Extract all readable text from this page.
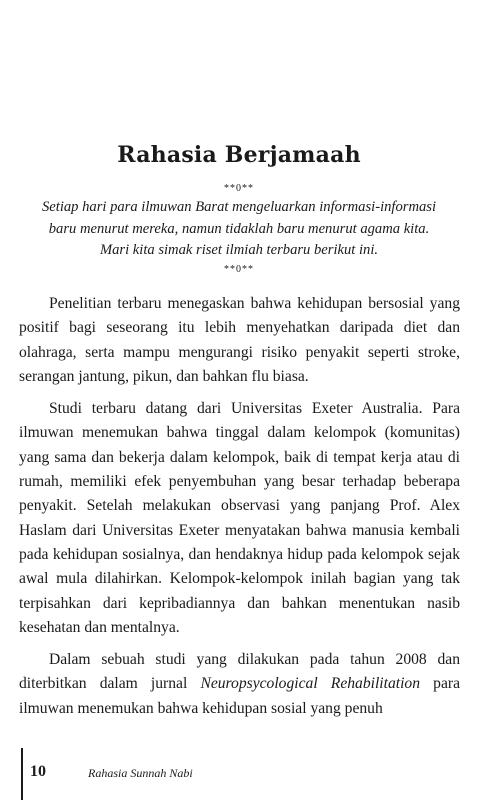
Rahasia Berjamaah
**0**
Setiap hari para ilmuwan Barat mengeluarkan informasi-informasi baru menurut mereka, namun tidaklah baru menurut agama kita. Mari kita simak riset ilmiah terbaru berikut ini.
**0**

Penelitian terbaru menegaskan bahwa kehidupan bersosial yang positif bagi seseorang itu lebih menyehatkan daripada diet dan olahraga, serta mampu mengurangi risiko penyakit seperti stroke, serangan jantung, pikun, dan bahkan flu biasa.

Studi terbaru datang dari Universitas Exeter Australia. Para ilmuwan menemukan bahwa tinggal dalam kelompok (komunitas) yang sama dan bekerja dalam kelompok, baik di tempat kerja atau di rumah, memiliki efek penyembuhan yang besar terhadap beberapa penyakit. Setelah melakukan observasi yang panjang Prof. Alex Haslam dari Universitas Exeter menyatakan bahwa manusia kembali pada kehidupan sosialnya, dan hendaknya hidup pada kelompok sejak awal mula dilahirkan. Kelompok-kelompok inilah bagian yang tak terpisahkan dari kepribadiannya dan bahkan menentukan nasib kesehatan dan mentalnya.

Dalam sebuah studi yang dilakukan pada tahun 2008 dan diterbitkan dalam jurnal Neuropsycological Rehabilitation para ilmuwan menemukan bahwa kehidupan sosial yang penuh

10	Rahasia Sunnah Nabi
